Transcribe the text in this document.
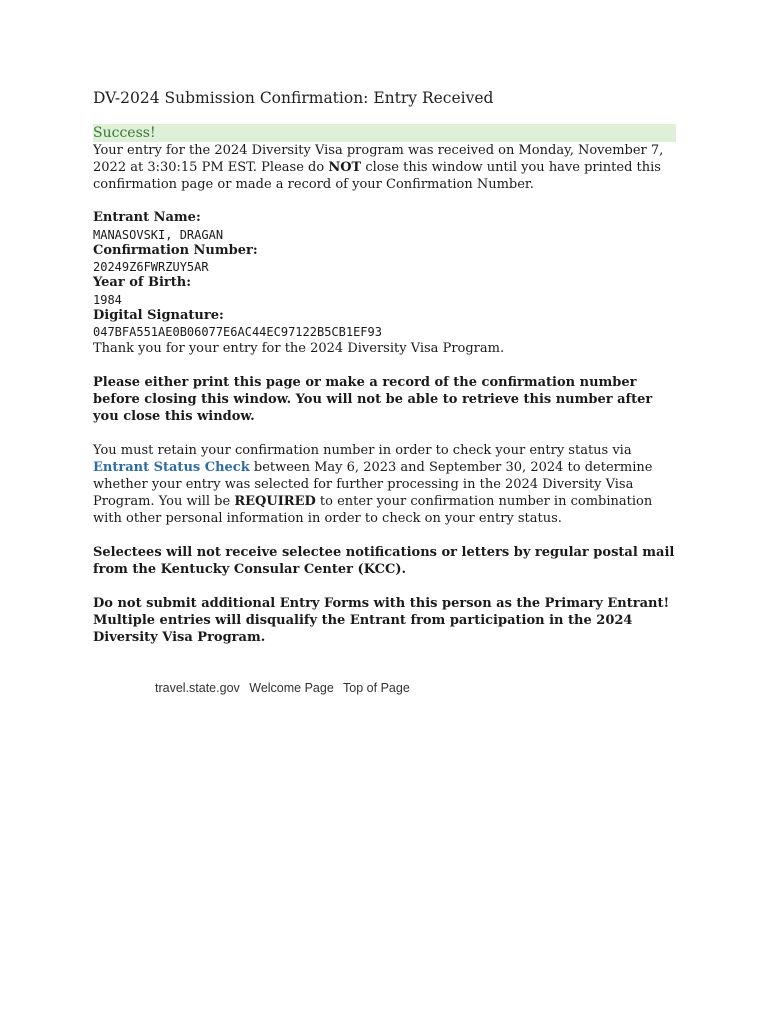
DV-2024 Submission Confirmation: Entry Received
Success!

Your entry for the 2024 Diversity Visa program was received on Monday, November 7, 2022 at 3:30:15 PM EST. Please do NOT close this window until you have printed this confirmation page or made a record of your Confirmation Number.

Entrant Name:
MANASOVSKI, DRAGAN
Confirmation Number:
20249Z6FWRZUY5AR
Year of Birth:
1984
Digital Signature:
047BFA551AE0B06077E6AC44EC97122B5CB1EF93

Thank you for your entry for the 2024 Diversity Visa Program.

Please either print this page or make a record of the confirmation number before closing this window. You will not be able to retrieve this number after you close this window.

You must retain your confirmation number in order to check your entry status via Entrant Status Check between May 6, 2023 and September 30, 2024 to determine whether your entry was selected for further processing in the 2024 Diversity Visa Program. You will be REQUIRED to enter your confirmation number in combination with other personal information in order to check on your entry status.

Selectees will not receive selectee notifications or letters by regular postal mail from the Kentucky Consular Center (KCC).

Do not submit additional Entry Forms with this person as the Primary Entrant! Multiple entries will disqualify the Entrant from participation in the 2024 Diversity Visa Program.

travel.state.gov Welcome Page Top of Page
